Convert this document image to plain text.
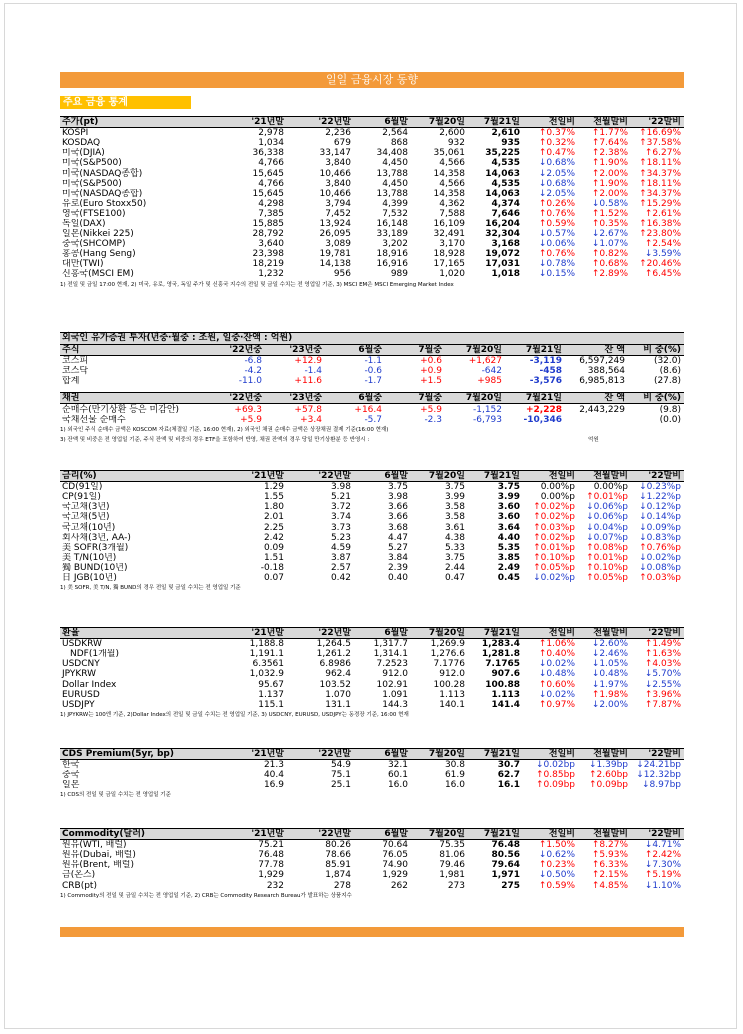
일일 금융시장 동향
주요 금융 통계
주가(pt)	'21년말	'22년말	6월말	7월20일	7월21일	전일비	전월말비	'22말비
KOSPI	2,978	2,236	2,564	2,600	2,610	↑0.37%	↑1.77%	↑16.69%
KOSDAQ	1,034	679	868	932	935	↑0.32%	↑7.64%	↑37.58%
미국(DJIA)	36,338	33,147	34,408	35,061	35,225	↑0.47%	↑2.38%	↑6.27%
미국(S&P500)	4,766	3,840	4,450	4,566	4,535	↓0.68%	↑1.90%	↑18.11%
미국(NASDAQ종합)	15,645	10,466	13,788	14,358	14,063	↓2.05%	↑2.00%	↑34.37%
미국(S&P500)	4,766	3,840	4,450	4,566	4,535	↓0.68%	↑1.90%	↑18.11%
미국(NASDAQ종합)	15,645	10,466	13,788	14,358	14,063	↓2.05%	↑2.00%	↑34.37%
유로(Euro Stoxx50)	4,298	3,794	4,399	4,362	4,374	↑0.26%	↓0.58%	↑15.29%
영국(FTSE100)	7,385	7,452	7,532	7,588	7,646	↑0.76%	↑1.52%	↑2.61%
독일(DAX)	15,885	13,924	16,148	16,109	16,204	↑0.59%	↑0.35%	↑16.38%
일본(Nikkei 225)	28,792	26,095	33,189	32,491	32,304	↓0.57%	↓2.67%	↑23.80%
중국(SHCOMP)	3,640	3,089	3,202	3,170	3,168	↓0.06%	↓1.07%	↑2.54%
홍콩(Hang Seng)	23,398	19,781	18,916	18,928	19,072	↑0.76%	↑0.82%	↓3.59%
대만(TWI)	18,219	14,138	16,916	17,165	17,031	↓0.78%	↑0.68%	↑20.46%
신흥국(MSCI EM)	1,232	956	989	1,020	1,018	↓0.15%	↑2.89%	↑6.45%
1) 전일 및 금일 17:00 현재, 2) 미국, 유로, 영국, 독일 주가 및 신흥국 지수의 전일 및 금일 수치는 전 영업일 기준, 3) MSCI EM은 MSCI Emerging Market Index
외국인 유가증권 투자(년중·월중 : 조원, 일중·잔액 : 억원)
주식	'22년중	'23년중	6월중	7월중	7월20일	7월21일	잔 액	비 중(%)
코스피	-6.8	+12.9	-1.1	+0.6	+1,627	-3,119	6,597,249	(32.0)
코스닥	-4.2	-1.4	-0.6	+0.9	-642	-458	388,564	(8.6)
합계	-11.0	+11.6	-1.7	+1.5	+985	-3,576	6,985,813	(27.8)
채권	'22년중	'23년중	6월중	7월중	7월20일	7월21일	잔 액	비 중(%)
순매수(만기상환 등은 미감안)	+69.3	+57.8	+16.4	+5.9	-1,152	+2,228	2,443,229	(9.8)
국채선물 순매수	+5.9	+3.4	-5.7	-2.3	-6,793	-10,346		(0.0)
1) 외국인 주식 순매수 금액은 KOSCOM 자료(체결일 기준, 16:00 현재), 2) 외국인 채권 순매수 금액은 상장채권 결제 기준(16:00 현재)
3) 잔액 및 비중은 전 영업일 기준, 주식 잔액 및 비중의 경우 ETF을 포함하여 반영, 채권 잔액의 경우 당일 만기상환분 등 반영시 :	억원
금리(%)	'21년말	'22년말	6월말	7월20일	7월21일	전일비	전월말비	'22말비
CD(91일)	1.29	3.98	3.75	3.75	3.75	0.00%p	0.00%p	↓0.23%p
CP(91일)	1.55	5.21	3.98	3.99	3.99	0.00%p	↑0.01%p	↓1.22%p
국고채(3년)	1.80	3.72	3.66	3.58	3.60	↑0.02%p	↓0.06%p	↓0.12%p
국고채(5년)	2.01	3.74	3.66	3.58	3.60	↑0.02%p	↓0.06%p	↓0.14%p
국고채(10년)	2.25	3.73	3.68	3.61	3.64	↑0.03%p	↓0.04%p	↓0.09%p
회사채(3년, AA-)	2.42	5.23	4.47	4.38	4.40	↑0.02%p	↓0.07%p	↓0.83%p
美 SOFR(3개월)	0.09	4.59	5.27	5.33	5.35	↑0.01%p	↑0.08%p	↑0.76%p
美 T/N(10년)	1.51	3.87	3.84	3.75	3.85	↑0.10%p	↑0.01%p	↓0.02%p
獨 BUND(10년)	-0.18	2.57	2.39	2.44	2.49	↑0.05%p	↑0.10%p	↓0.08%p
日 JGB(10년)	0.07	0.42	0.40	0.47	0.45	↓0.02%p	↑0.05%p	↑0.03%p
1) 美 SOFR, 美 T/N, 獨 BUND의 경우 전일 및 금일 수치는 전 영업일 기준
환율	'21년말	'22년말	6월말	7월20일	7월21일	전일비	전월말비	'22말비
USDKRW	1,188.8	1,264.5	1,317.7	1,269.9	1,283.4	↑1.06%	↓2.60%	↑1.49%
NDF(1개월)	1,191.1	1,261.2	1,314.1	1,276.6	1,281.8	↑0.40%	↓2.46%	↑1.63%
USDCNY	6.3561	6.8986	7.2523	7.1776	7.1765	↓0.02%	↓1.05%	↑4.03%
JPYKRW	1,032.9	962.4	912.0	912.0	907.6	↓0.48%	↓0.48%	↓5.70%
Dollar Index	95.67	103.52	102.91	100.28	100.88	↑0.60%	↓1.97%	↓2.55%
EURUSD	1.137	1.070	1.091	1.113	1.113	↓0.02%	↑1.98%	↑3.96%
USDJPY	115.1	131.1	144.3	140.1	141.4	↑0.97%	↓2.00%	↑7.87%
1) JPYKRW는 100엔 기준, 2)Dollar Index의 전일 및 금일 수치는 전 영업일 기준, 3) USDCNY, EURUSD, USDJPY는 동경장 기준, 16:00 현재
CDS Premium(5yr, bp)	'21년말	'22년말	6월말	7월20일	7월21일	전일비	전월말비	'22말비
한국	21.3	54.9	32.1	30.8	30.7	↓0.02bp	↓1.39bp	↓24.21bp
중국	40.4	75.1	60.1	61.9	62.7	↑0.85bp	↑2.60bp	↓12.32bp
일본	16.9	25.1	16.0	16.0	16.1	↑0.09bp	↑0.09bp	↓8.97bp
1) CDS의 전일 및 금일 수치는 전 영업일 기준
Commodity(달러)	'21년말	'22년말	6월말	7월20일	7월21일	전일비	전월말비	'22말비
원유(WTI, 배럴)	75.21	80.26	70.64	75.35	76.48	↑1.50%	↑8.27%	↓4.71%
원유(Dubai, 배럴)	76.48	78.66	76.05	81.06	80.56	↓0.62%	↑5.93%	↑2.42%
원유(Brent, 배럴)	77.78	85.91	74.90	79.46	79.64	↑0.23%	↑6.33%	↓7.30%
금(온스)	1,929	1,874	1,929	1,981	1,971	↓0.50%	↑2.15%	↑5.19%
CRB(pt)	232	278	262	273	275	↑0.59%	↑4.85%	↓1.10%
1) Commodity의 전일 및 금일 수치는 전 영업일 기준, 2) CRB는 Commodity Research Bureau가 발표하는 상품지수
